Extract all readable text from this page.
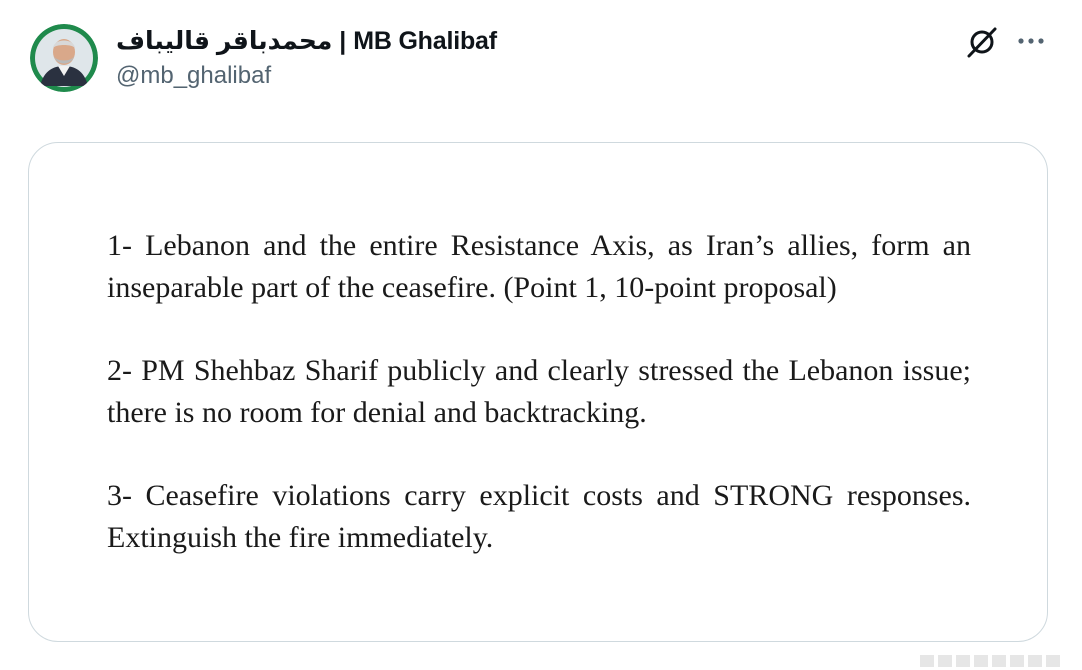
محمدباقر قالیباف | MB Ghalibaf
@mb_ghalibaf

1- Lebanon and the entire Resistance Axis, as Iran’s allies, form an inseparable part of the ceasefire. (Point 1, 10-point proposal)

2- PM Shehbaz Sharif publicly and clearly stressed the Lebanon issue; there is no room for denial and backtracking.

3- Ceasefire violations carry explicit costs and STRONG responses. Extinguish the fire immediately.
